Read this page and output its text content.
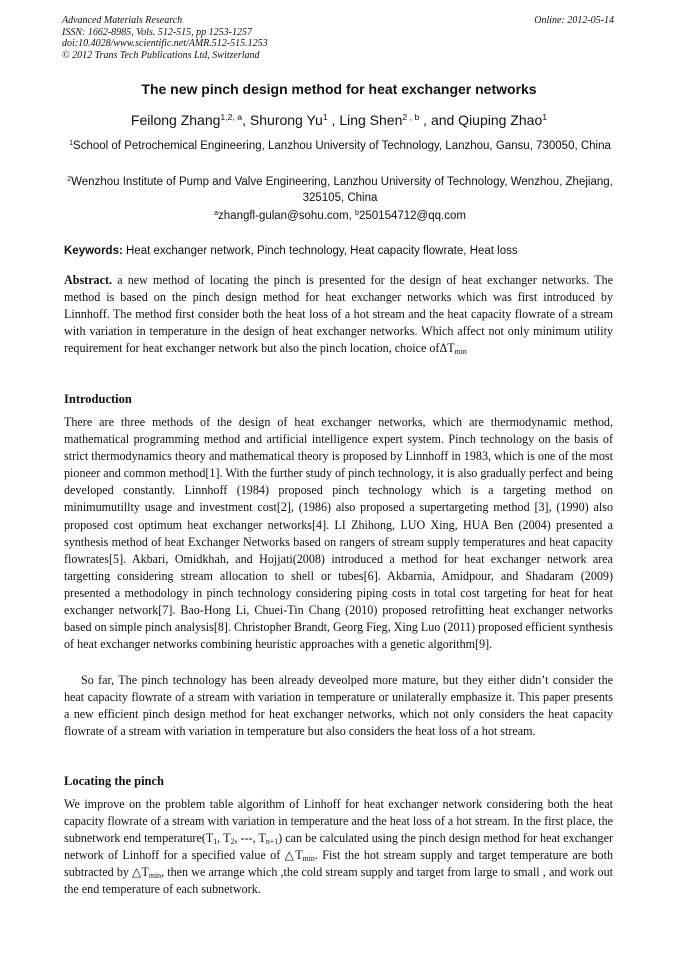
Advanced Materials Research
ISSN: 1662-8985, Vols. 512-515, pp 1253-1257
doi:10.4028/www.scientific.net/AMR.512-515.1253
© 2012 Trans Tech Publications Ltd, Switzerland
Online: 2012-05-14
The new pinch design method for heat exchanger networks
Feilong Zhang$^{1,2, a}$, Shurong Yu$^1$ , Ling Shen$^{2 , b}$ , and Qiuping Zhao$^1$
$^1$School of Petrochemical Engineering, Lanzhou University of Technology, Lanzhou, Gansu, 730050, China
$^2$Wenzhou Institute of Pump and Valve Engineering, Lanzhou University of Technology, Wenzhou, Zhejiang, 325105, China
$^a$zhangfl-gulan@sohu.com, $^b$250154712@qq.com
Keywords: Heat exchanger network, Pinch technology, Heat capacity flowrate, Heat loss
Abstract. a new method of locating the pinch is presented for the design of heat exchanger networks. The method is based on the pinch design method for heat exchanger networks which was first introduced by Linnhoff. The method first consider both the heat loss of a hot stream and the heat capacity flowrate of a stream with variation in temperature in the design of heat exchanger networks. Which affect not only minimum utility requirement for heat exchanger network but also the pinch location, choice ofΔT$_{min}$
Introduction
There are three methods of the design of heat exchanger networks, which are thermodynamic method, mathematical programming method and artificial intelligence expert system. Pinch technology on the basis of strict thermodynamics theory and mathematical theory is proposed by Linnhoff in 1983, which is one of the most pioneer and common method[1]. With the further study of pinch technology, it is also gradually perfect and being developed constantly. Linnhoff (1984) proposed pinch technology which is a targeting method on minimumutillty usage and investment cost[2], (1986) also proposed a supertargeting method [3], (1990) also proposed cost optimum heat exchanger networks[4]. LI Zhihong, LUO Xing, HUA Ben (2004) presented a synthesis method of heat Exchanger Networks based on rangers of stream supply temperatures and heat capacity flowrates[5]. Akbari, Omidkhah, and Hojjati(2008) introduced a method for heat exchanger network area targetting considering stream allocation to shell or tubes[6]. Akbarnia, Amidpour, and Shadaram (2009) presented a methodology in pinch technology considering piping costs in total cost targeting for heat for heat exchanger network[7]. Bao-Hong Li, Chuei-Tin Chang (2010) proposed retrofitting heat exchanger networks based on simple pinch analysis[8]. Christopher Brandt, Georg Fieg, Xing Luo (2011) proposed efficient synthesis of heat exchanger networks combining heuristic approaches with a genetic algorithm[9].
So far, The pinch technology has been already deveolped more mature, but they either didn’t consider the heat capacity flowrate of a stream with variation in temperature or unilaterally emphasize it. This paper presents a new efficient pinch design method for heat exchanger networks, which not only considers the heat capacity flowrate of a stream with variation in temperature but also considers the heat loss of a hot stream.
Locating the pinch
We improve on the problem table algorithm of Linhoff for heat exchanger network considering both the heat capacity flowrate of a stream with variation in temperature and the heat loss of a hot stream. In the first place, the subnetwork end $temperature(T_1$, $T_2$, ---, $T_{n+1}$) can be calculated using the pinch design method for heat exchanger network of Linhoff for a specified value of $\triangle T_{min}$. Fist the hot stream supply and target temperature are both subtracted by $\triangle T_{min}$, then we arrange which ,the cold stream supply and target from large to small , and work out the end temperature of each subnetwork.
